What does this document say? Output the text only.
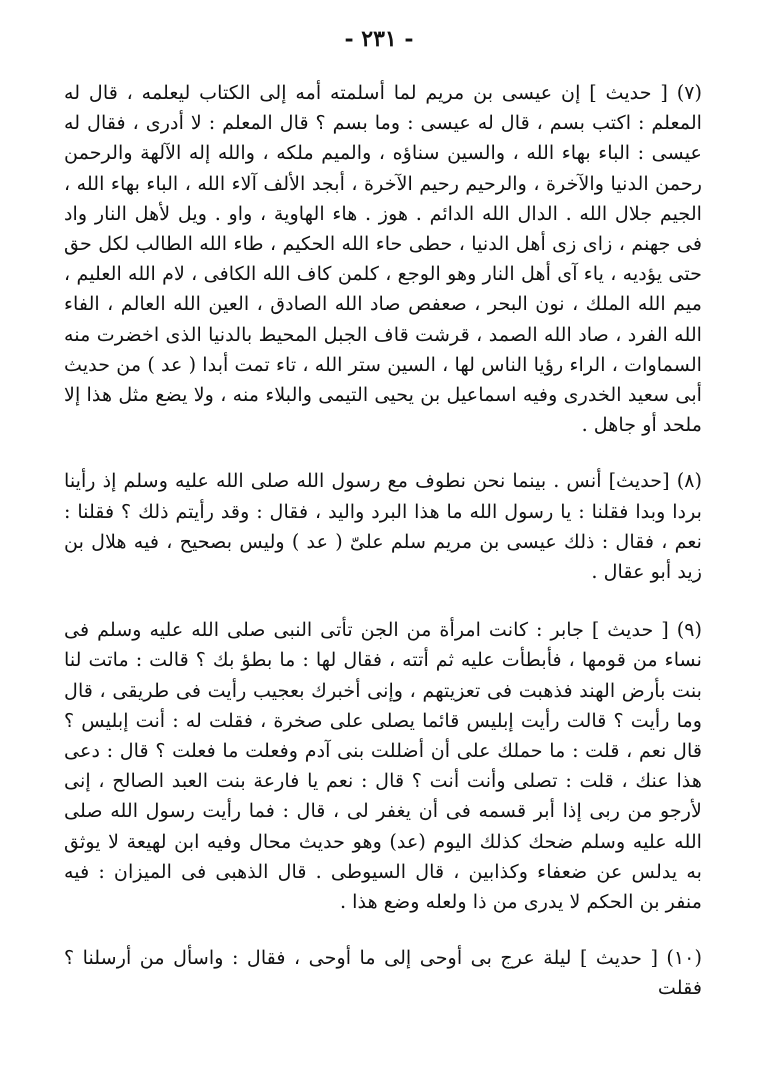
- ٢٣١ -

(٧) [ حديث ] إن عيسى بن مريم لما أسلمته أمه إلى الكتاب ليعلمه ، قال له المعلم : اكتب بسم ، قال له عيسى : وما بسم ؟ قال المعلم : لا أدرى ، فقال له عيسى : الباء بهاء الله ، والسين سناؤه ، والميم ملكه ، والله إله الآلهة والرحمن رحمن الدنيا والآخرة ، والرحيم رحيم الآخرة ، أبجد الألف آلاء الله ، الباء بهاء الله ، الجيم جلال الله . الدال الله الدائم . هوز . هاء الهاوية ، واو . ويل لأهل النار واد فى جهنم ، زاى زى أهل الدنيا ، حطى حاء الله الحكيم ، طاء الله الطالب لكل حق حتى يؤديه ، ياء آى أهل النار وهو الوجع ، كلمن كاف الله الكافى ، لام الله العليم ، ميم الله الملك ، نون البحر ، صعفص صاد الله الصادق ، العين الله العالم ، الفاء الله الفرد ، صاد الله الصمد ، قرشت قاف الجبل المحيط بالدنيا الذى اخضرت منه السماوات ، الراء رؤيا الناس لها ، السين ستر الله ، تاء تمت أبدا ( عد ) من حديث أبى سعيد الخدرى وفيه اسماعيل بن يحيى التيمى والبلاء منه ، ولا يضع مثل هذا إلا ملحد أو جاهل .

(٨) [حديث] أنس . بينما نحن نطوف مع رسول الله صلى الله عليه وسلم إذ رأينا بردا وبدا فقلنا : يا رسول الله ما هذا البرد واليد ، فقال : وقد رأيتم ذلك ؟ فقلنا : نعم ، فقال : ذلك عيسى بن مريم سلم علىّ ( عد ) وليس بصحيح ، فيه هلال بن زيد أبو عقال .

(٩) [ حديث ] جابر : كانت امرأة من الجن تأتى النبى صلى الله عليه وسلم فى نساء من قومها ، فأبطأت عليه ثم أتته ، فقال لها : ما بطؤ بك ؟ قالت : ماتت لنا بنت بأرض الهند فذهبت فى تعزيتهم ، وإنى أخبرك بعجيب رأيت فى طريقى ، قال وما رأيت ؟ قالت رأيت إبليس قائما يصلى على صخرة ، فقلت له : أنت إبليس ؟ قال نعم ، قلت : ما حملك على أن أضللت بنى آدم وفعلت ما فعلت ؟ قال : دعى هذا عنك ، قلت : تصلى وأنت أنت ؟ قال : نعم يا فارعة بنت العبد الصالح ، إنى لأرجو من ربى إذا أبر قسمه فى أن يغفر لى ، قال : فما رأيت رسول الله صلى الله عليه وسلم ضحك كذلك اليوم (عد) وهو حديث محال وفيه ابن لهيعة لا يوثق به يدلس عن ضعفاء وكذابين ، قال السيوطى . قال الذهبى فى الميزان : فيه منفر بن الحكم لا يدرى من ذا ولعله وضع هذا .

(١٠) [ حديث ] ليلة عرج بى أوحى إلى ما أوحى ، فقال : واسأل من أرسلنا ؟ فقلت
